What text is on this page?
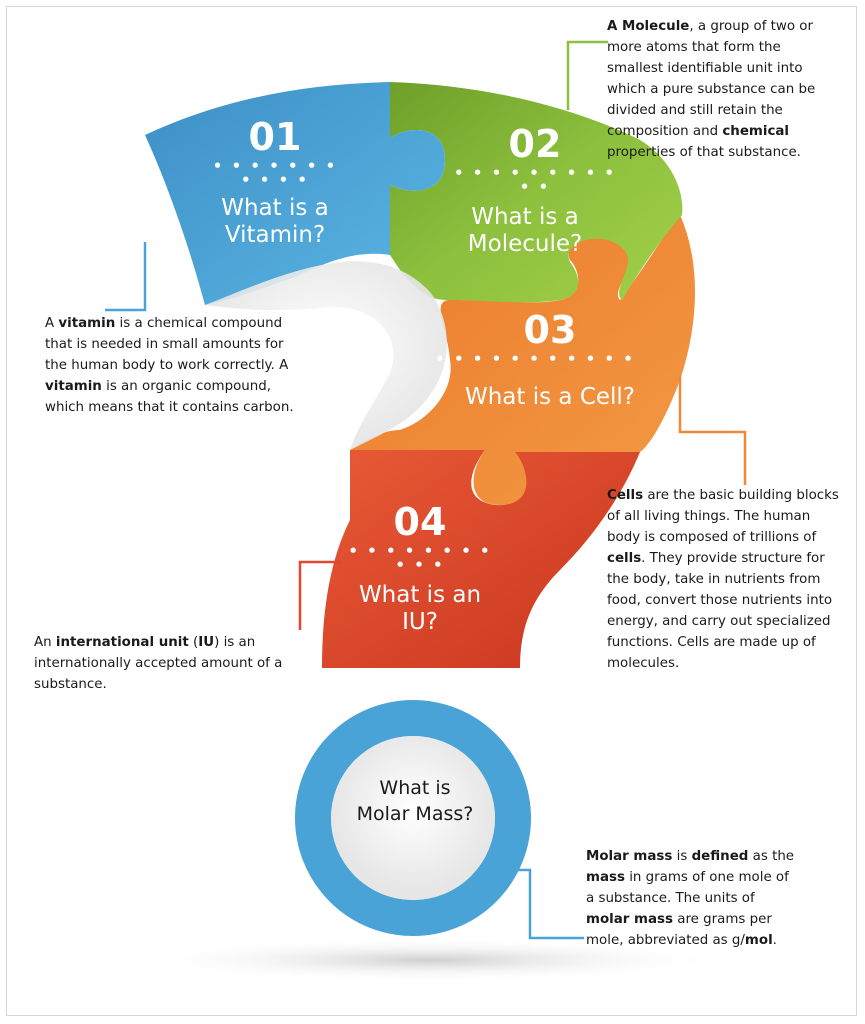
01
• • • • • • • • • • •
What is a
Vitamin?
02
• • • • • • • • • • •
What is a
Molecule?
03
• • • • • • • • • • •
What is a Cell?
04
• • • • • • • • • • •
What is an
IU?
What is
Molar Mass?

A vitamin is a chemical compound that is needed in small amounts for the human body to work correctly. A vitamin is an organic compound, which means that it contains carbon.

A Molecule, a group of two or more atoms that form the smallest identifiable unit into which a pure substance can be divided and still retain the composition and chemical properties of that substance.

Cells are the basic building blocks of all living things. The human body is composed of trillions of cells. They provide structure for the body, take in nutrients from food, convert those nutrients into energy, and carry out specialized functions. Cells are made up of molecules.

An international unit (IU) is an internationally accepted amount of a substance.

Molar mass is defined as the mass in grams of one mole of a substance. The units of molar mass are grams per mole, abbreviated as g/mol.
